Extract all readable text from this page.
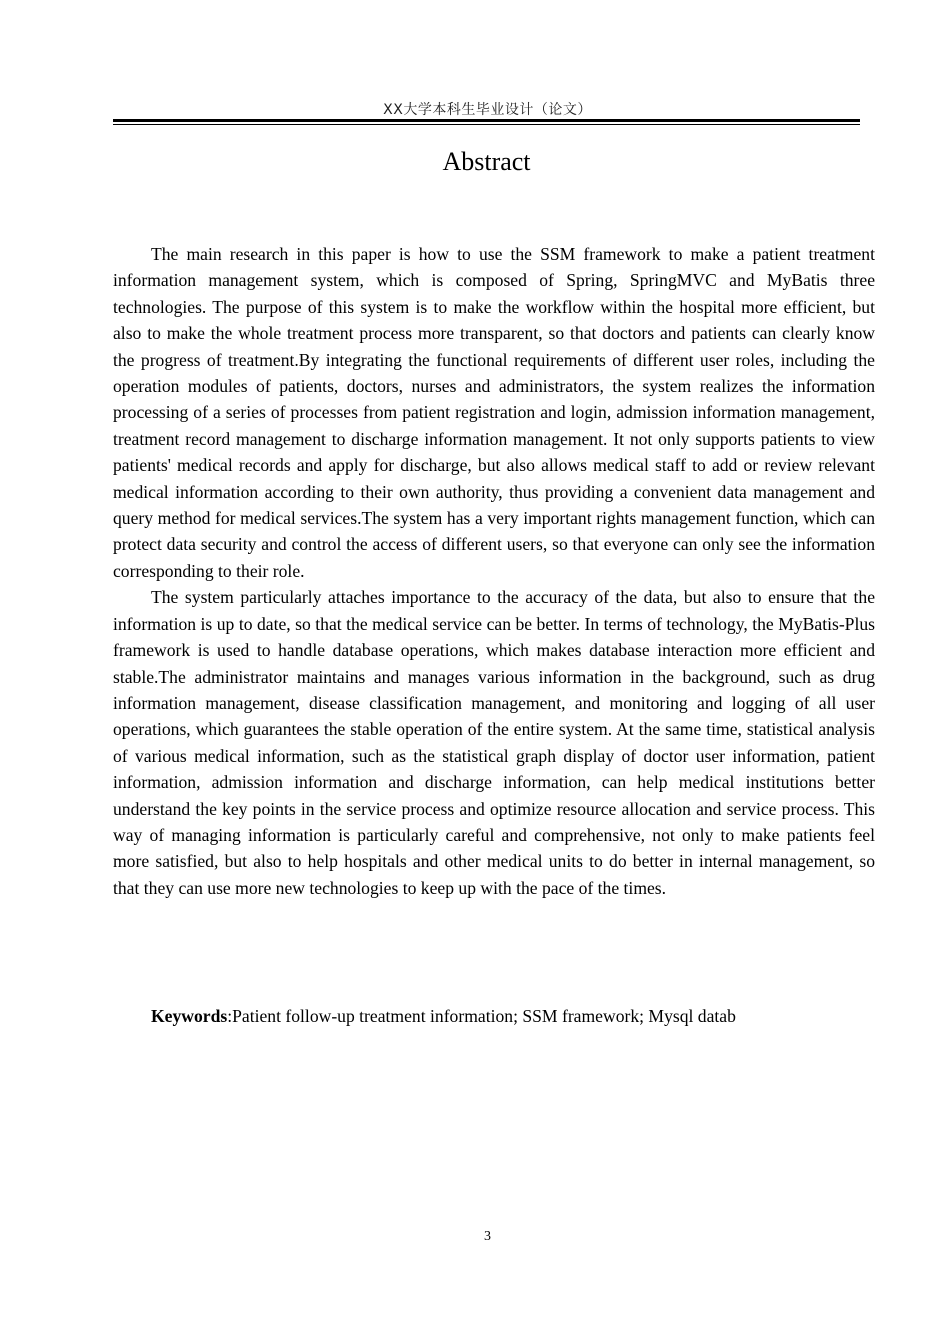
XX大学本科生毕业设计（论文）
Abstract

The main research in this paper is how to use the SSM framework to make a patient treatment information management system, which is composed of Spring, SpringMVC and MyBatis three technologies. The purpose of this system is to make the workflow within the hospital more efficient, but also to make the whole treatment process more transparent, so that doctors and patients can clearly know the progress of treatment.By integrating the functional requirements of different user roles, including the operation modules of patients, doctors, nurses and administrators, the system realizes the information processing of a series of processes from patient registration and login, admission information management, treatment record management to discharge information management. It not only supports patients to view patients' medical records and apply for discharge, but also allows medical staff to add or review relevant medical information according to their own authority, thus providing a convenient data management and query method for medical services.The system has a very important rights management function, which can protect data security and control the access of different users, so that everyone can only see the information corresponding to their role.

The system particularly attaches importance to the accuracy of the data, but also to ensure that the information is up to date, so that the medical service can be better. In terms of technology, the MyBatis-Plus framework is used to handle database operations, which makes database interaction more efficient and stable.The administrator maintains and manages various information in the background, such as drug information management, disease classification management, and monitoring and logging of all user operations, which guarantees the stable operation of the entire system. At the same time, statistical analysis of various medical information, such as the statistical graph display of doctor user information, patient information, admission information and discharge information, can help medical institutions better understand the key points in the service process and optimize resource allocation and service process. This way of managing information is particularly careful and comprehensive, not only to make patients feel more satisfied, but also to help hospitals and other medical units to do better in internal management, so that they can use more new technologies to keep up with the pace of the times.

Keywords:Patient follow-up treatment information; SSM framework; Mysql datab
3
